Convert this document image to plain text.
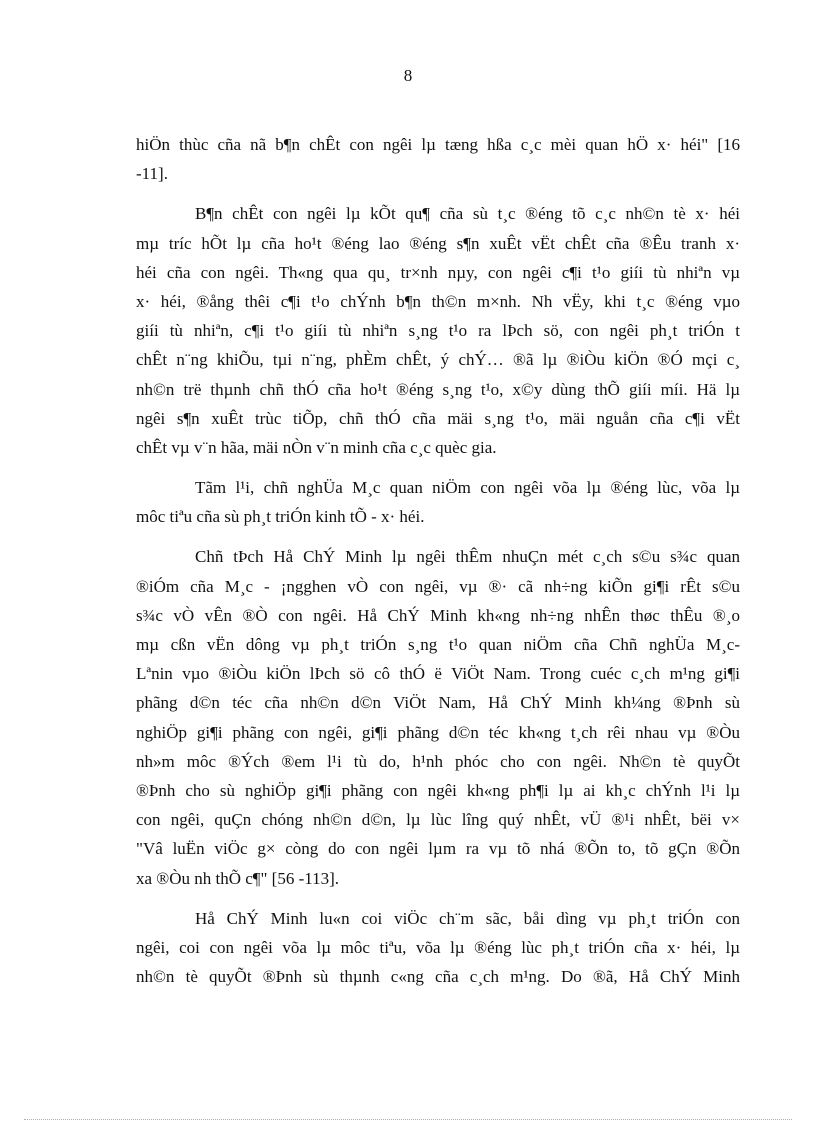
8
hiÖn thùc cña nã b¶n chÊt con ngêi lµ tæng hßa c¸c mèi quan hÖ x· héi" [16
-11].
B¶n chÊt con ngêi lµ kÕt qu¶ cña sù t¸c ®éng tõ c¸c nh©n tè x· héi
mµ tríc hÕt lµ cña ho¹t ®éng lao ®éng s¶n xuÊt vËt chÊt cña ®Êu tranh x·
héi cña con ngêi. Th«ng qua qu¸ tr×nh nµy, con ngêi c¶i t¹o giíi tù nhiªn vµ
x· héi, ®ång thêi c¶i t¹o chÝnh b¶n th©n m×nh. Nh vËy, khi t¸c ®éng vµo
giíi tù nhiªn, c¶i t¹o giíi tù nhiªn s¸ng t¹o ra lÞch sö, con ngêi ph¸t triÓn t
chÊt n¨ng khiÕu, tµi n¨ng, phÈm chÊt, ý chÝ… ®ã lµ ®iÒu kiÖn ®Ó mçi c¸
nh©n trë thµnh chñ thÓ cña ho¹t ®éng s¸ng t¹o, x©y dùng thÕ giíi míi. Hä lµ
ngêi s¶n xuÊt trùc tiÕp, chñ thÓ cña mäi s¸ng t¹o, mäi nguån cña c¶i vËt
chÊt vµ v¨n hãa, mäi nÒn v¨n minh cña c¸c quèc gia.
Tãm l¹i, chñ nghÜa M¸c quan niÖm con ngêi võa lµ ®éng lùc, võa lµ
môc tiªu cña sù ph¸t triÓn kinh tÕ - x· héi.
Chñ tÞch Hå ChÝ Minh lµ ngêi thÊm nhuÇn mét c¸ch s©u s¾c quan
®iÓm cña M¸c - ¡ngghen vÒ con ngêi, vµ ®· cã nh÷ng kiÕn gi¶i rÊt s©u
s¾c vÒ vÊn ®Ò con ngêi. Hå ChÝ Minh kh«ng nh÷ng nhÊn thøc thÊu ®¸o
mµ cßn vËn dông vµ ph¸t triÓn s¸ng t¹o quan niÖm cña Chñ nghÜa M¸c-
Lªnin vµo ®iÒu kiÖn lÞch sö cô thÓ ë ViÖt Nam. Trong cuéc c¸ch m¹ng gi¶i
phãng d©n téc cña nh©n d©n ViÖt Nam, Hå ChÝ Minh kh¼ng ®Þnh sù
nghiÖp gi¶i phãng con ngêi, gi¶i phãng d©n téc kh«ng t¸ch rêi nhau vµ ®Òu
nh»m môc ®Ých ®em l¹i tù do, h¹nh phóc cho con ngêi. Nh©n tè quyÕt
®Þnh cho sù nghiÖp gi¶i phãng con ngêi kh«ng ph¶i lµ ai kh¸c chÝnh l¹i lµ
con ngêi, quÇn chóng nh©n d©n, lµ lùc lîng quý nhÊt, vÜ ®¹i nhÊt, bëi v×
"Vâ luËn viÖc g× còng do con ngêi lµm ra vµ tõ nhá ®Õn to, tõ gÇn ®Õn
xa ®Òu nh thÕ c¶" [56 -113].
Hå ChÝ Minh lu«n coi viÖc ch¨m sãc, båi dìng vµ ph¸t triÓn con
ngêi, coi con ngêi võa lµ môc tiªu, võa lµ ®éng lùc ph¸t triÓn cña x· héi, lµ
nh©n tè quyÕt ®Þnh sù thµnh c«ng cña c¸ch m¹ng. Do ®ã, Hå ChÝ Minh
